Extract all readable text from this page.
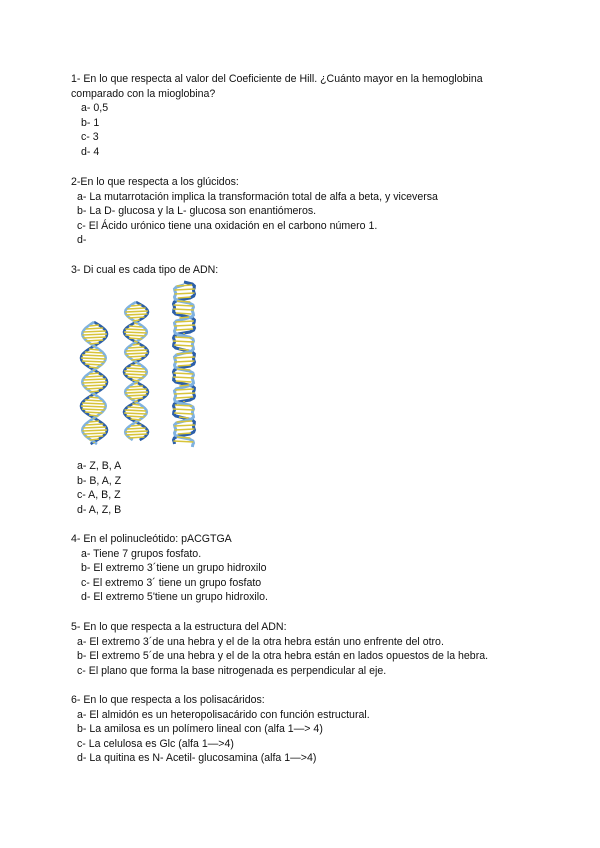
1- En lo que respecta al valor del Coeficiente de Hill. ¿Cuánto mayor en la hemoglobina
comparado con la mioglobina?
a- 0,5
b- 1
c- 3
d- 4
2-En lo que respecta a los glúcidos:
a- La mutarrotación implica la transformación total de alfa a beta, y viceversa
b- La D- glucosa y la L- glucosa son enantiómeros.
c- El Ácido urónico tiene una oxidación en el carbono número 1.
d-
3- Di cual es cada tipo de ADN:
a- Z, B, A
b- B, A, Z
c- A, B, Z
d- A, Z, B
4- En el polinucleótido: pACGTGA
a- Tiene 7 grupos fosfato.
b- El extremo 3´tiene un grupo hidroxilo
c- El extremo 3´ tiene un grupo fosfato
d- El extremo 5'tiene un grupo hidroxilo.
5- En lo que respecta a la estructura del ADN:
a- El extremo 3´de una hebra y el de la otra hebra están uno enfrente del otro.
b- El extremo 5´de una hebra y el de la otra hebra están en lados opuestos de la hebra.
c- El plano que forma la base nitrogenada es perpendicular al eje.
6- En lo que respecta a los polisacáridos:
a- El almidón es un heteropolisacárido con función estructural.
b- La amilosa es un polímero lineal con (alfa 1—> 4)
c- La celulosa es Glc (alfa 1—>4)
d- La quitina es N- Acetil- glucosamina (alfa 1—>4)
